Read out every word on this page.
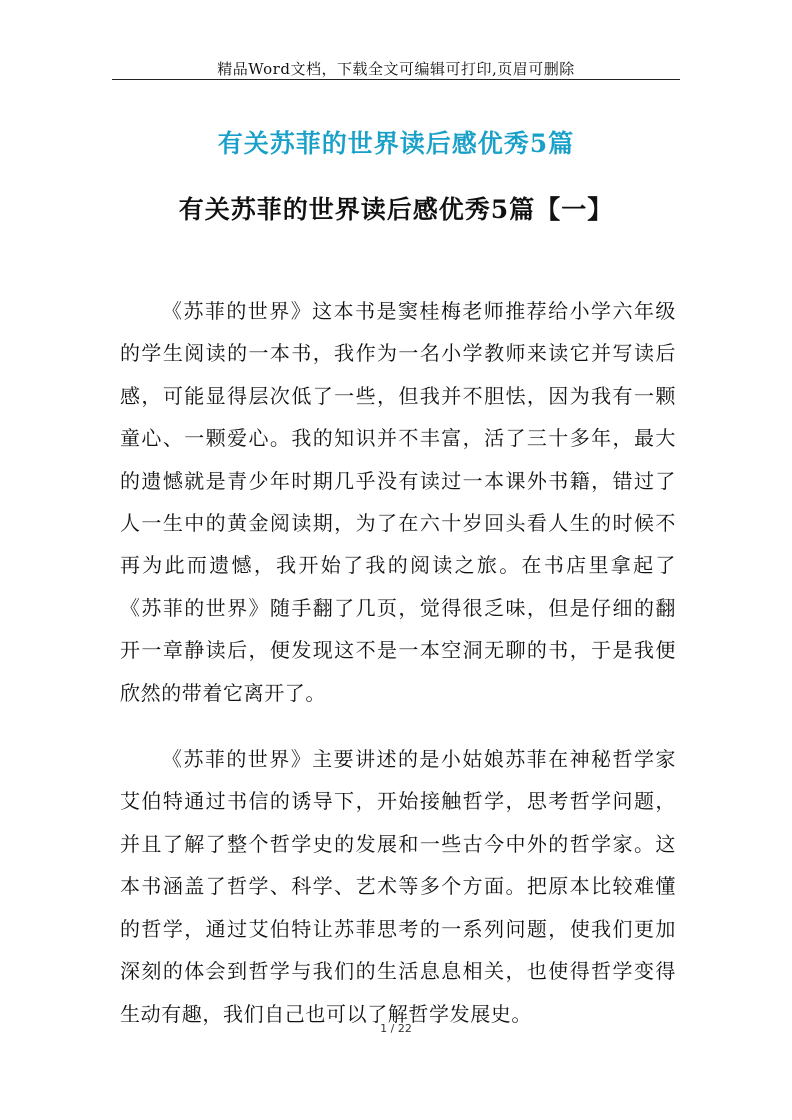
精品Word文档，下载全文可编辑可打印,页眉可删除
有关苏菲的世界读后感优秀5篇
有关苏菲的世界读后感优秀5篇【一】

《苏菲的世界》这本书是窦桂梅老师推荐给小学六年级的学生阅读的一本书，我作为一名小学教师来读它并写读后感，可能显得层次低了一些，但我并不胆怯，因为我有一颗童心、一颗爱心。我的知识并不丰富，活了三十多年，最大的遗憾就是青少年时期几乎没有读过一本课外书籍，错过了人一生中的黄金阅读期，为了在六十岁回头看人生的时候不再为此而遗憾，我开始了我的阅读之旅。在书店里拿起了《苏菲的世界》随手翻了几页，觉得很乏味，但是仔细的翻开一章静读后，便发现这不是一本空洞无聊的书，于是我便欣然的带着它离开了。

《苏菲的世界》主要讲述的是小姑娘苏菲在神秘哲学家艾伯特通过书信的诱导下，开始接触哲学，思考哲学问题，并且了解了整个哲学史的发展和一些古今中外的哲学家。这本书涵盖了哲学、科学、艺术等多个方面。把原本比较难懂的哲学，通过艾伯特让苏菲思考的一系列问题，使我们更加深刻的体会到哲学与我们的生活息息相关，也使得哲学变得生动有趣，我们自己也可以了解哲学发展史。

1 / 22
